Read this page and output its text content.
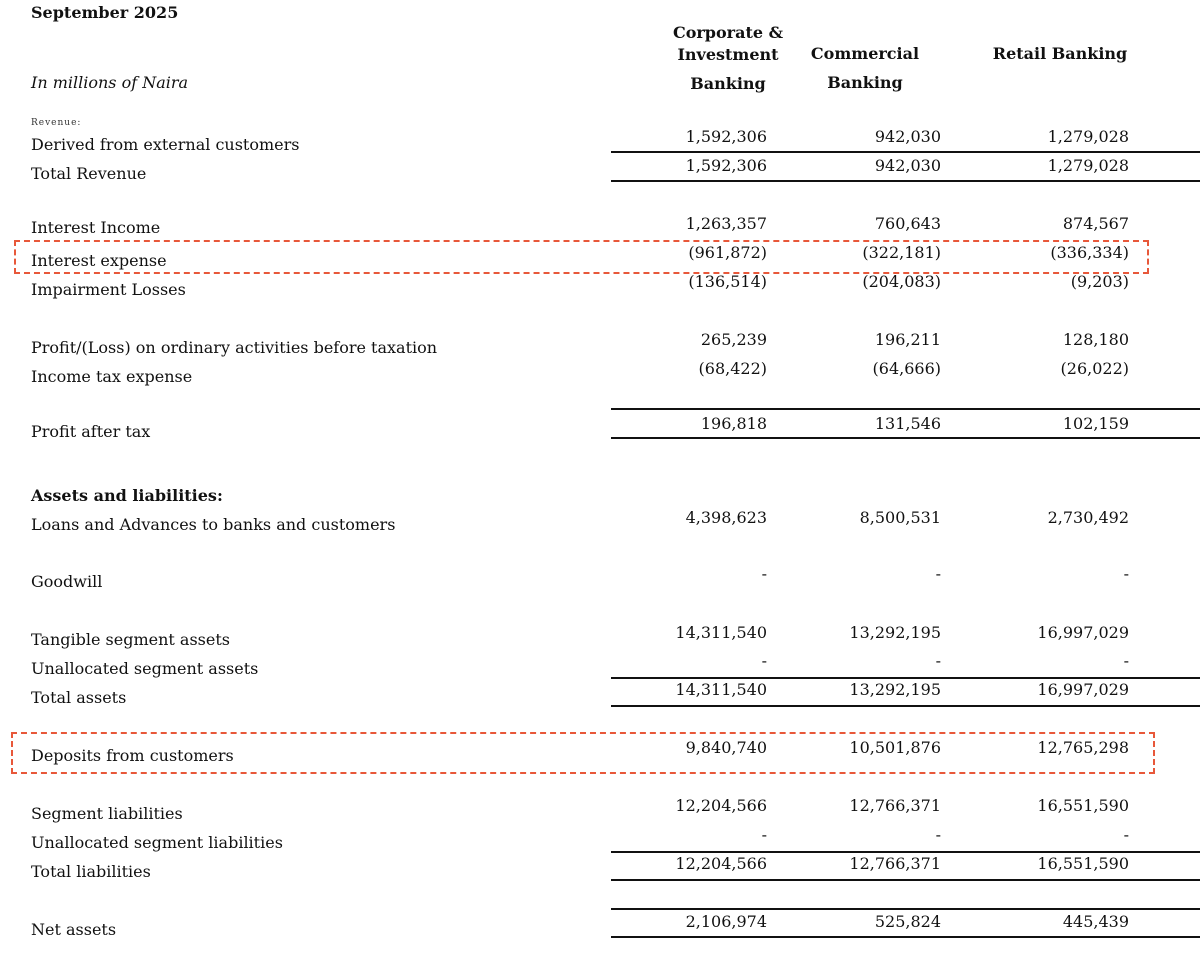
September 2025
In millions of Naira
Corporate &
Investment
Banking
Commercial
Banking
Retail Banking
Revenue:
Derived from external customers	1,592,306	942,030	1,279,028
Total Revenue	1,592,306	942,030	1,279,028
Interest Income	1,263,357	760,643	874,567
Interest expense	(961,872)	(322,181)	(336,334)
Impairment Losses	(136,514)	(204,083)	(9,203)
Profit/(Loss) on ordinary activities before taxation	265,239	196,211	128,180
Income tax expense	(68,422)	(64,666)	(26,022)
Profit after tax	196,818	131,546	102,159
Assets and liabilities:
Loans and Advances to banks and customers	4,398,623	8,500,531	2,730,492
Goodwill	-	-	-
Tangible segment assets	14,311,540	13,292,195	16,997,029
Unallocated segment assets	-	-	-
Total assets	14,311,540	13,292,195	16,997,029
Deposits from customers	9,840,740	10,501,876	12,765,298
Segment liabilities	12,204,566	12,766,371	16,551,590
Unallocated segment liabilities	-	-	-
Total liabilities	12,204,566	12,766,371	16,551,590
Net assets	2,106,974	525,824	445,439
